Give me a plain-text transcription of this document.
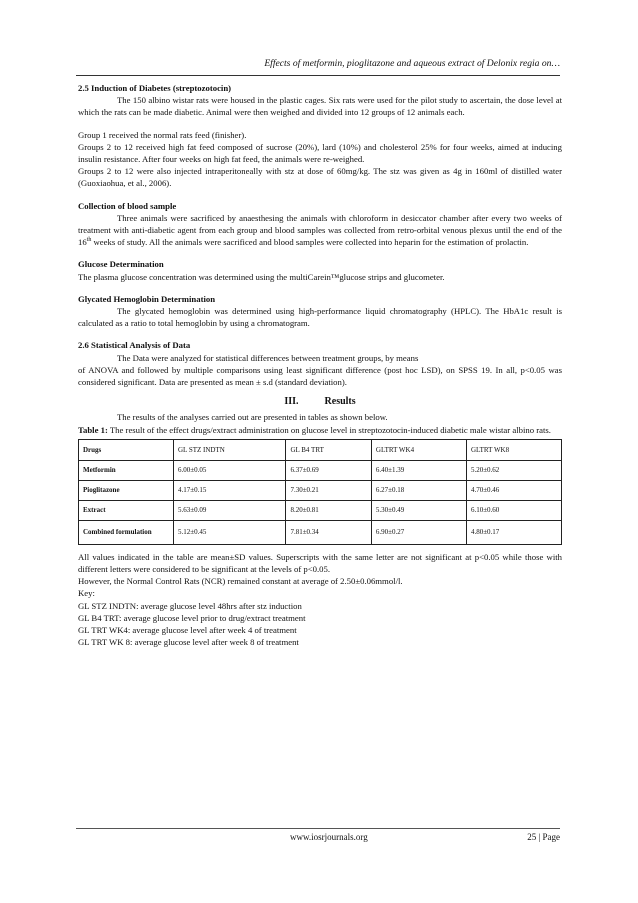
Effects of metformin, pioglitazone and aqueous extract of Delonix regia on…

2.5 Induction of Diabetes (streptozotocin)

The 150 albino wistar rats were housed in the plastic cages. Six rats were used for the pilot study to ascertain, the dose level at which the rats can be made diabetic. Animal were then weighed and divided into 12 groups of 12 animals each.

Group 1 received the normal rats feed (finisher).

Groups 2 to 12 received high fat feed composed of sucrose (20%), lard (10%) and cholesterol 25% for four weeks, aimed at inducing insulin resistance. After four weeks on high fat feed, the animals were re-weighed.

Groups 2 to 12 were also injected intraperitoneally with stz at dose of 60mg/kg. The stz was given as 4g in 160ml of distilled water (Guoxiaohua, et al., 2006).

Collection of blood sample

Three animals were sacrificed by anaesthesing the animals with chloroform in desiccator chamber after every two weeks of treatment with anti-diabetic agent from each group and blood samples was collected from retro-orbital venous plexus until the end of the 16th weeks of study. All the animals were sacrificed and blood samples were collected into heparin for the estimation of prolactin.

Glucose Determination

The plasma glucose concentration was determined using the multiCarein™glucose strips and glucometer.

Glycated Hemoglobin Determination

The glycated hemoglobin was determined using high-performance liquid chromatography (HPLC). The HbA1c result is calculated as a ratio to total hemoglobin by using a chromatogram.

2.6 Statistical Analysis of Data

The Data were analyzed for statistical differences between treatment groups, by means

of ANOVA and followed by multiple comparisons using least significant difference (post hoc LSD), on SPSS 19. In all, p<0.05 was considered significant. Data are presented as mean ± s.d (standard deviation).

III.	Results

The results of the analyses carried out are presented in tables as shown below.

Table 1: The result of the effect drugs/extract administration on glucose level in streptozotocin-induced diabetic male wistar albino rats.

Drugs	GL STZ INDTN	GL B4 TRT	GLTRT WK4	GLTRT WK8
Metformin	6.00±0.05	6.37±0.69	6.40±1.39	5.20±0.62
Pioglitazone	4.17±0.15	7.30±0.21	6.27±0.18	4.70±0.46
Extract	5.63±0.09	8.20±0.81	5.30±0.49	6.10±0.60
Combined formulation	5.12±0.45	7.81±0.34	6.90±0.27	4.80±0.17

All values indicated in the table are mean±SD values. Superscripts with the same letter are not significant at p<0.05 while those with different letters were considered to be significant at the levels of p<0.05.

However, the Normal Control Rats (NCR) remained constant at average of 2.50±0.06mmol/l.

Key:

GL STZ INDTN: average glucose level 48hrs after stz induction

GL B4 TRT: average glucose level prior to drug/extract treatment

GL TRT WK4: average glucose level after week 4 of treatment

GL TRT WK 8: average glucose level after week 8 of treatment

www.iosrjournals.org	25 | Page
